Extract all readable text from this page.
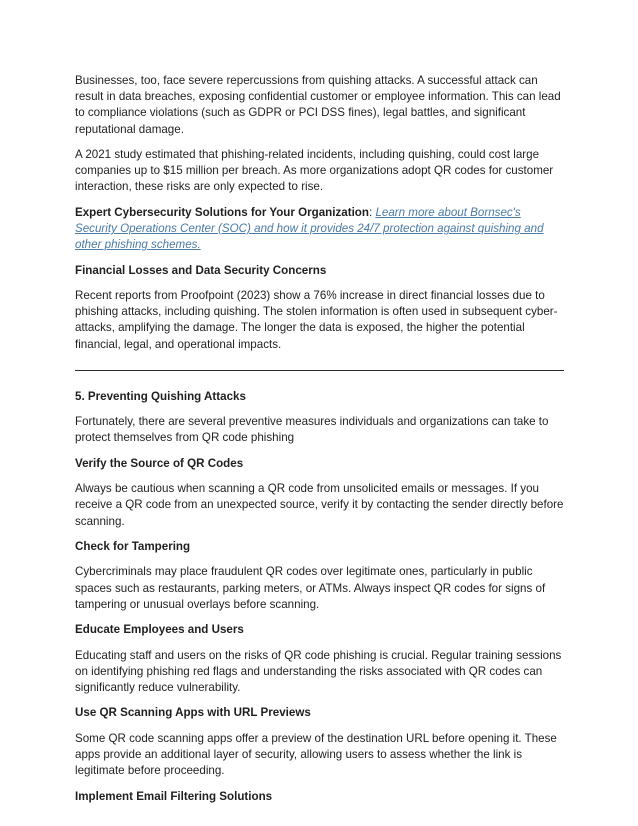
Businesses, too, face severe repercussions from quishing attacks. A successful attack can result in data breaches, exposing confidential customer or employee information. This can lead to compliance violations (such as GDPR or PCI DSS fines), legal battles, and significant reputational damage.

A 2021 study estimated that phishing-related incidents, including quishing, could cost large companies up to $15 million per breach. As more organizations adopt QR codes for customer interaction, these risks are only expected to rise.

Expert Cybersecurity Solutions for Your Organization: Learn more about Bornsec's Security Operations Center (SOC) and how it provides 24/7 protection against quishing and other phishing schemes.

Financial Losses and Data Security Concerns

Recent reports from Proofpoint (2023) show a 76% increase in direct financial losses due to phishing attacks, including quishing. The stolen information is often used in subsequent cyber-attacks, amplifying the damage. The longer the data is exposed, the higher the potential financial, legal, and operational impacts.

5. Preventing Quishing Attacks

Fortunately, there are several preventive measures individuals and organizations can take to protect themselves from QR code phishing

Verify the Source of QR Codes

Always be cautious when scanning a QR code from unsolicited emails or messages. If you receive a QR code from an unexpected source, verify it by contacting the sender directly before scanning.

Check for Tampering

Cybercriminals may place fraudulent QR codes over legitimate ones, particularly in public spaces such as restaurants, parking meters, or ATMs. Always inspect QR codes for signs of tampering or unusual overlays before scanning.

Educate Employees and Users

Educating staff and users on the risks of QR code phishing is crucial. Regular training sessions on identifying phishing red flags and understanding the risks associated with QR codes can significantly reduce vulnerability.

Use QR Scanning Apps with URL Previews

Some QR code scanning apps offer a preview of the destination URL before opening it. These apps provide an additional layer of security, allowing users to assess whether the link is legitimate before proceeding.

Implement Email Filtering Solutions
